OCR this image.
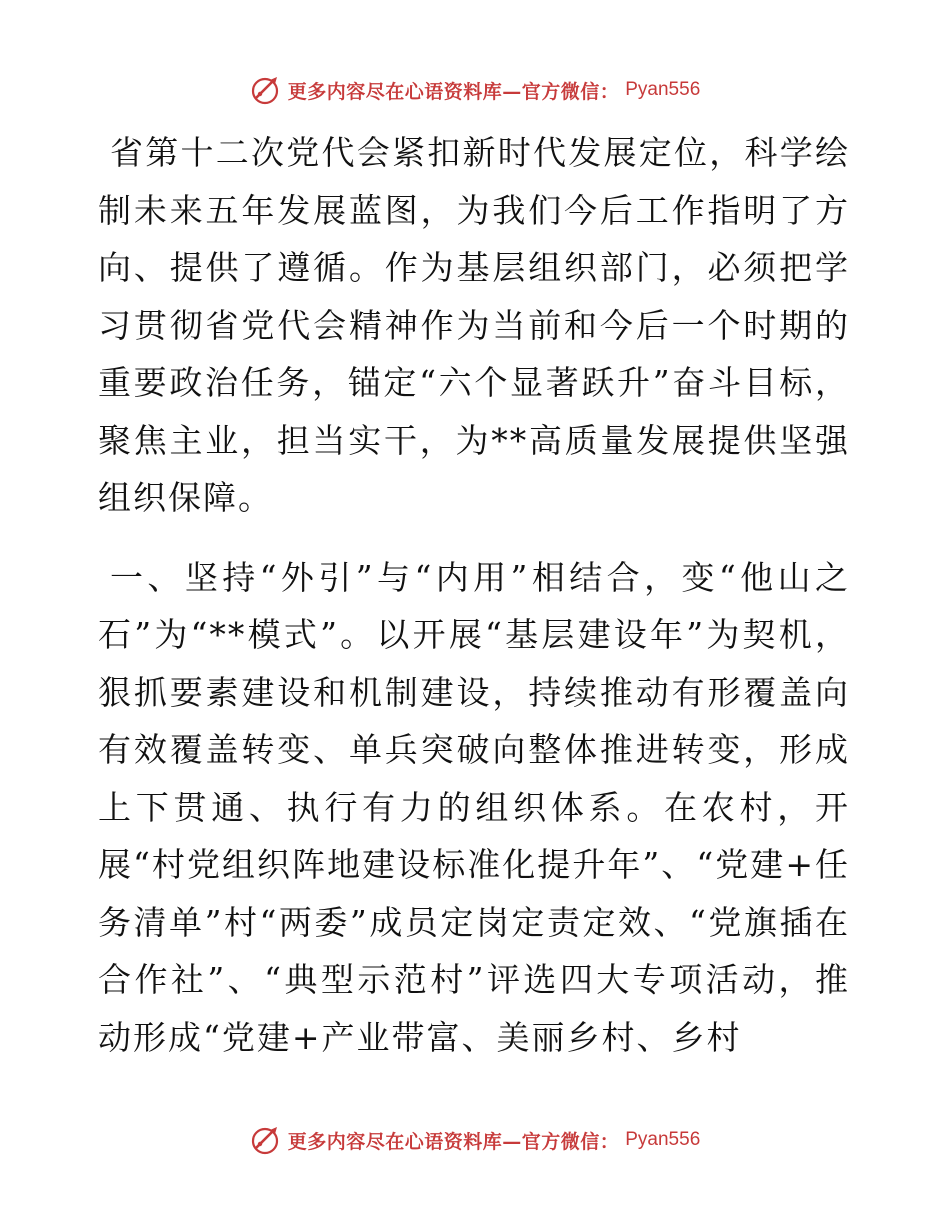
更多内容尽在心语资料库—官方微信： Pyan556

省第十二次党代会紧扣新时代发展定位，科学绘制未来五年发展蓝图，为我们今后工作指明了方向、提供了遵循。作为基层组织部门，必须把学习贯彻省党代会精神作为当前和今后一个时期的重要政治任务，锚定“六个显著跃升”奋斗目标，聚焦主业，担当实干，为**高质量发展提供坚强组织保障。

一、坚持“外引”与“内用”相结合，变“他山之石”为“**模式”。以开展“基层建设年”为契机，狠抓要素建设和机制建设，持续推动有形覆盖向有效覆盖转变、单兵突破向整体推进转变，形成上下贯通、执行有力的组织体系。在农村，开展“村党组织阵地建设标准化提升年”、“党建+任务清单”村“两委”成员定岗定责定效、“党旗插在合作社”、“典型示范村”评选四大专项活动，推动形成“党建+产业带富、美丽乡村、乡村

更多内容尽在心语资料库—官方微信： Pyan556
